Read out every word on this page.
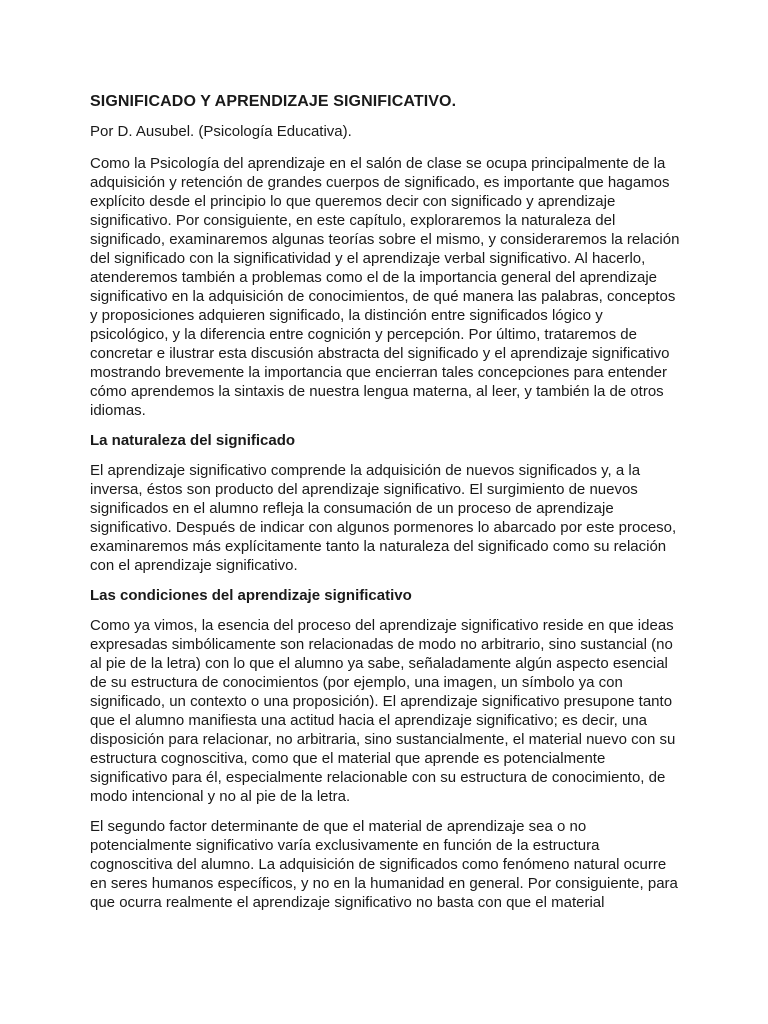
SIGNIFICADO Y APRENDIZAJE SIGNIFICATIVO.

Por D. Ausubel. (Psicología Educativa).

Como la Psicología del aprendizaje en el salón de clase se ocupa principalmente de la adquisición y retención de grandes cuerpos de significado, es importante que hagamos explícito desde el principio lo que queremos decir con significado y aprendizaje significativo. Por consiguiente, en este capítulo, exploraremos la naturaleza del significado, examinaremos algunas teorías sobre el mismo, y consideraremos la relación del significado con la significatividad y el aprendizaje verbal significativo. Al hacerlo, atenderemos también a problemas como el de la importancia general del aprendizaje significativo en la adquisición de conocimientos, de qué manera las palabras, conceptos y proposiciones adquieren significado, la distinción entre significados lógico y psicológico, y la diferencia entre cognición y percepción. Por último, trataremos de concretar e ilustrar esta discusión abstracta del significado y el aprendizaje significativo mostrando brevemente la importancia que encierran tales concepciones para entender cómo aprendemos la sintaxis de nuestra lengua materna, al leer, y también la de otros idiomas.

La naturaleza del significado

El aprendizaje significativo comprende la adquisición de nuevos significados y, a la inversa, éstos son producto del aprendizaje significativo. El surgimiento de nuevos significados en el alumno refleja la consumación de un proceso de aprendizaje significativo. Después de indicar con algunos pormenores lo abarcado por este proceso, examinaremos más explícitamente tanto la naturaleza del significado como su relación con el aprendizaje significativo.

Las condiciones del aprendizaje significativo

Como ya vimos, la esencia del proceso del aprendizaje significativo reside en que ideas expresadas simbólicamente son relacionadas de modo no arbitrario, sino sustancial (no al pie de la letra) con lo que el alumno ya sabe, señaladamente algún aspecto esencial de su estructura de conocimientos (por ejemplo, una imagen, un símbolo ya con significado, un contexto o una proposición). El aprendizaje significativo presupone tanto que el alumno manifiesta una actitud hacia el aprendizaje significativo; es decir, una disposición para relacionar, no arbitraria, sino sustancialmente, el material nuevo con su estructura cognoscitiva, como que el material que aprende es potencialmente significativo para él, especialmente relacionable con su estructura de conocimiento, de modo intencional y no al pie de la letra.

El segundo factor determinante de que el material de aprendizaje sea o no potencialmente significativo varía exclusivamente en función de la estructura cognoscitiva del alumno. La adquisición de significados como fenómeno natural ocurre en seres humanos específicos, y no en la humanidad en general. Por consiguiente, para que ocurra realmente el aprendizaje significativo no basta con que el material
